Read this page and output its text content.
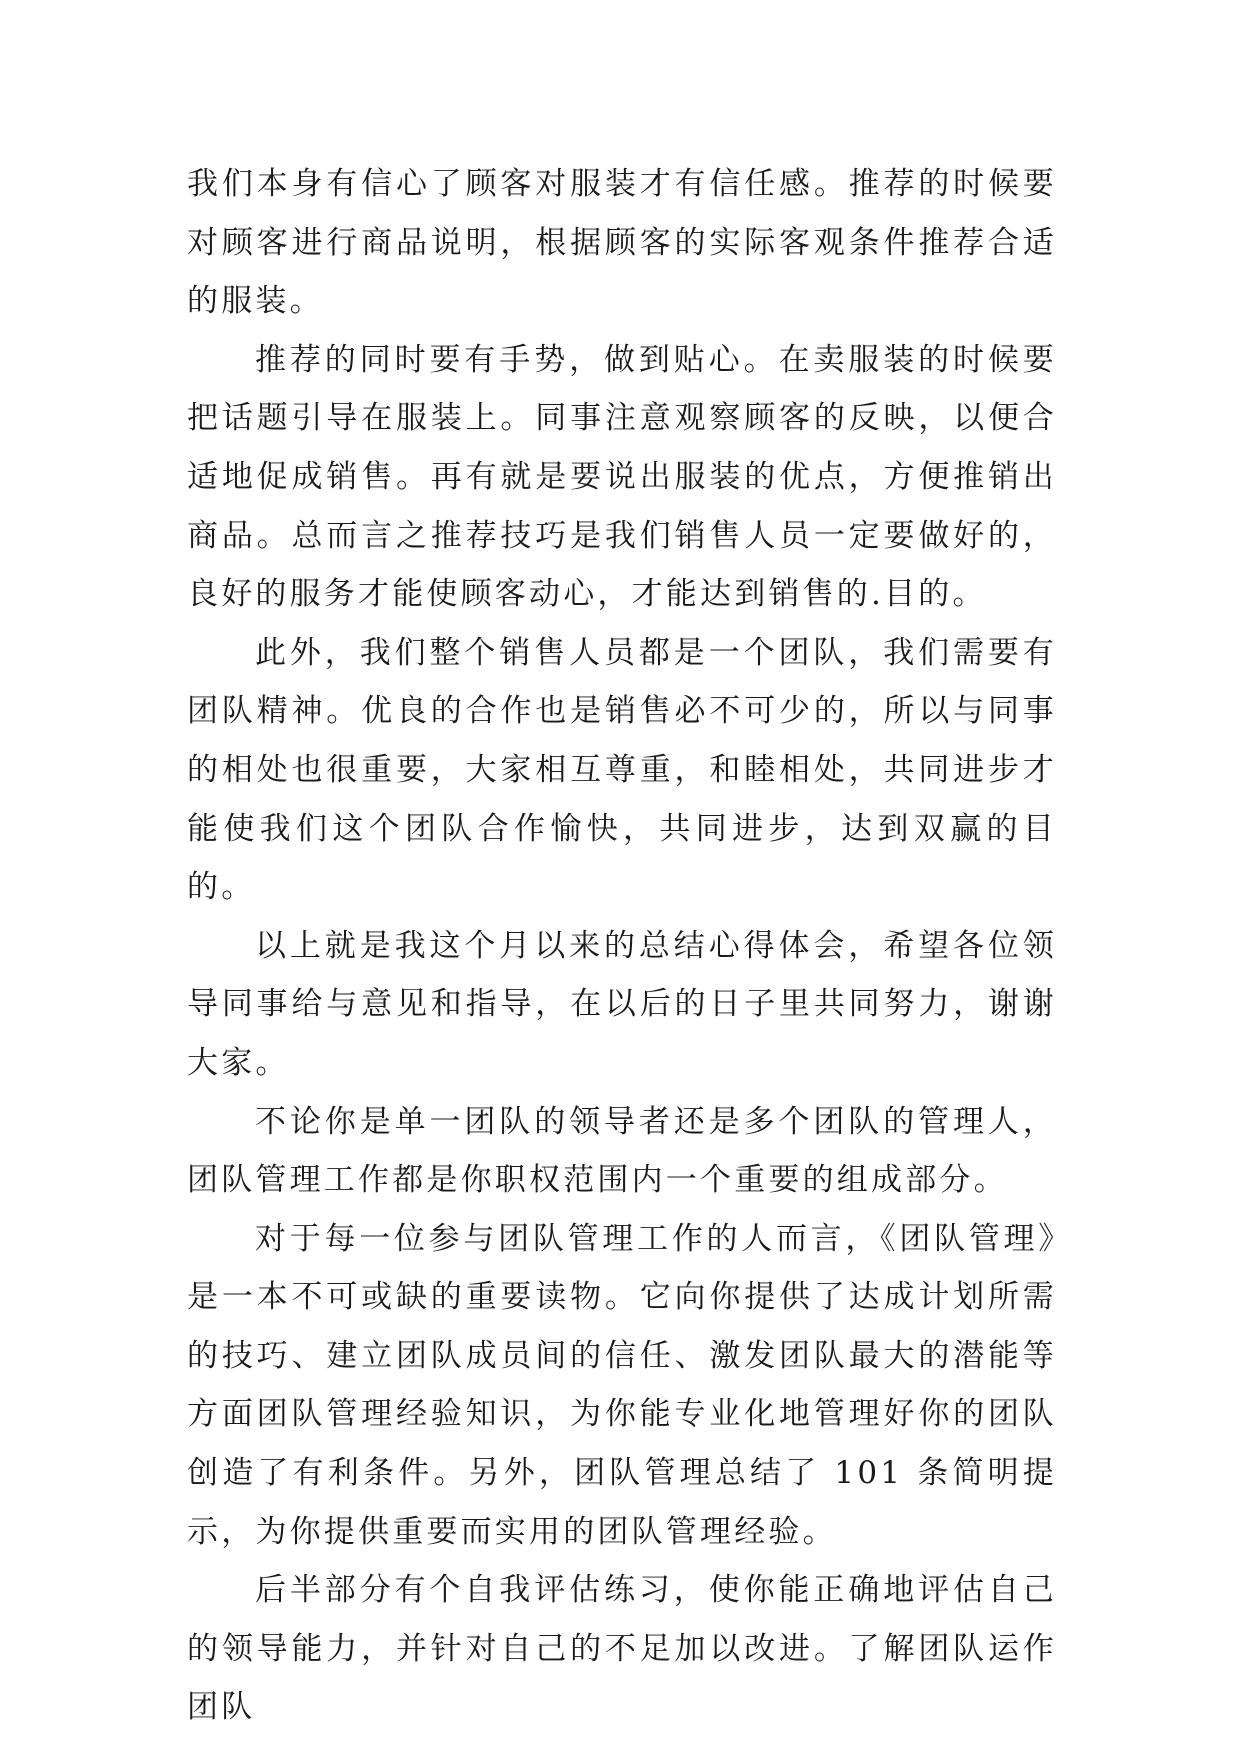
我们本身有信心了顾客对服装才有信任感。推荐的时候要对顾客进行商品说明，根据顾客的实际客观条件推荐合适的服装。

推荐的同时要有手势，做到贴心。在卖服装的时候要把话题引导在服装上。同事注意观察顾客的反映，以便合适地促成销售。再有就是要说出服装的优点，方便推销出商品。总而言之推荐技巧是我们销售人员一定要做好的，良好的服务才能使顾客动心，才能达到销售的.目的。

此外，我们整个销售人员都是一个团队，我们需要有团队精神。优良的合作也是销售必不可少的，所以与同事的相处也很重要，大家相互尊重，和睦相处，共同进步才能使我们这个团队合作愉快，共同进步，达到双赢的目的。

以上就是我这个月以来的总结心得体会，希望各位领导同事给与意见和指导，在以后的日子里共同努力，谢谢大家。

不论你是单一团队的领导者还是多个团队的管理人，团队管理工作都是你职权范围内一个重要的组成部分。

对于每一位参与团队管理工作的人而言，《团队管理》是一本不可或缺的重要读物。它向你提供了达成计划所需的技巧、建立团队成员间的信任、激发团队最大的潜能等方面团队管理经验知识，为你能专业化地管理好你的团队创造了有利条件。另外，团队管理总结了 101 条简明提示，为你提供重要而实用的团队管理经验。

后半部分有个自我评估练习，使你能正确地评估自己的领导能力，并针对自己的不足加以改进。了解团队运作团队
